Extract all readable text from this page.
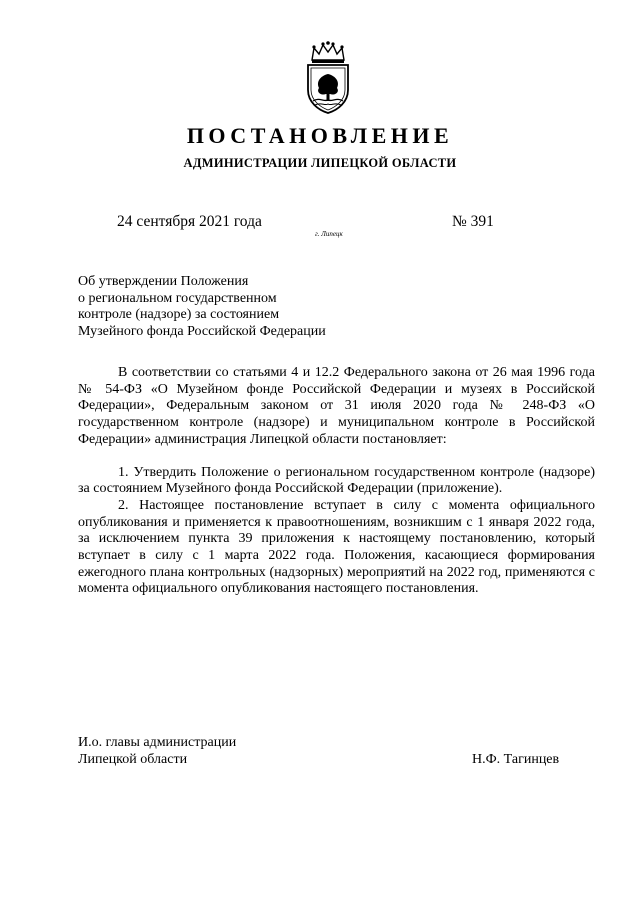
ПОСТАНОВЛЕНИЕ
АДМИНИСТРАЦИИ ЛИПЕЦКОЙ ОБЛАСТИ
24 сентября 2021 года
г. Липецк
№ 391
Об утверждении Положения
о региональном государственном
контроле (надзоре) за состоянием
Музейного фонда Российской Федерации

В соответствии со статьями 4 и 12.2 Федерального закона от 26 мая 1996 года № 54-ФЗ «О Музейном фонде Российской Федерации и музеях в Российской Федерации», Федеральным законом от 31 июля 2020 года № 248-ФЗ «О государственном контроле (надзоре) и муниципальном контроле в Российской Федерации» администрация Липецкой области постановляет:

1. Утвердить Положение о региональном государственном контроле (надзоре) за состоянием Музейного фонда Российской Федерации (приложение).

2. Настоящее постановление вступает в силу с момента официального опубликования и применяется к правоотношениям, возникшим с 1 января 2022 года, за исключением пункта 39 приложения к настоящему постановлению, который вступает в силу с 1 марта 2022 года. Положения, касающиеся формирования ежегодного плана контрольных (надзорных) мероприятий на 2022 год, применяются с момента официального опубликования настоящего постановления.

И.о. главы администрации
Липецкой области	Н.Ф. Тагинцев
